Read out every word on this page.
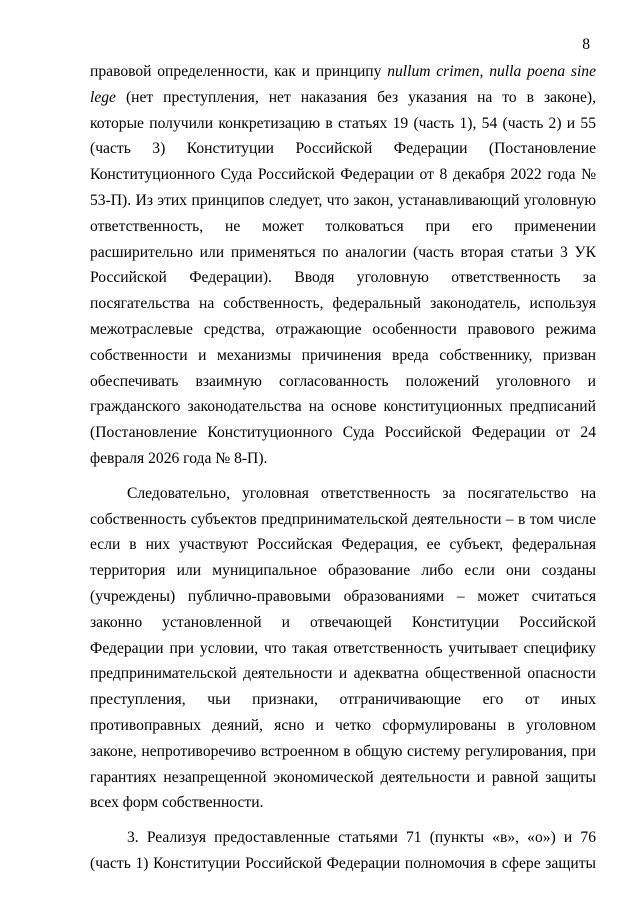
8
правовой определенности, как и принципу nullum crimen, nulla poena sine
lege (нет преступления, нет наказания без указания на то в законе),
которые получили конкретизацию в статьях 19 (часть 1), 54 (часть 2) и 55
(часть 3) Конституции Российской Федерации (Постановление
Конституционного Суда Российской Федерации от 8 декабря 2022 года №
53-П). Из этих принципов следует, что закон, устанавливающий уголовную
ответственность, не может толковаться при его применении
расширительно или применяться по аналогии (часть вторая статьи 3 УК
Российской Федерации). Вводя уголовную ответственность за
посягательства на собственность, федеральный законодатель, используя
межотраслевые средства, отражающие особенности правового режима
собственности и механизмы причинения вреда собственнику, призван
обеспечивать взаимную согласованность положений уголовного и
гражданского законодательства на основе конституционных предписаний
(Постановление Конституционного Суда Российской Федерации от 24
февраля 2026 года № 8-П).
Следовательно, уголовная ответственность за посягательство на
собственность субъектов предпринимательской деятельности – в том числе
если в них участвуют Российская Федерация, ее субъект, федеральная
территория или муниципальное образование либо если они созданы
(учреждены) публично-правовыми образованиями – может считаться
законно установленной и отвечающей Конституции Российской
Федерации при условии, что такая ответственность учитывает специфику
предпринимательской деятельности и адекватна общественной опасности
преступления, чьи признаки, отграничивающие его от иных
противоправных деяний, ясно и четко сформулированы в уголовном
законе, непротиворечиво встроенном в общую систему регулирования, при
гарантиях незапрещенной экономической деятельности и равной защиты
всех форм собственности.
3. Реализуя предоставленные статьями 71 (пункты «в», «о») и 76
(часть 1) Конституции Российской Федерации полномочия в сфере защиты
